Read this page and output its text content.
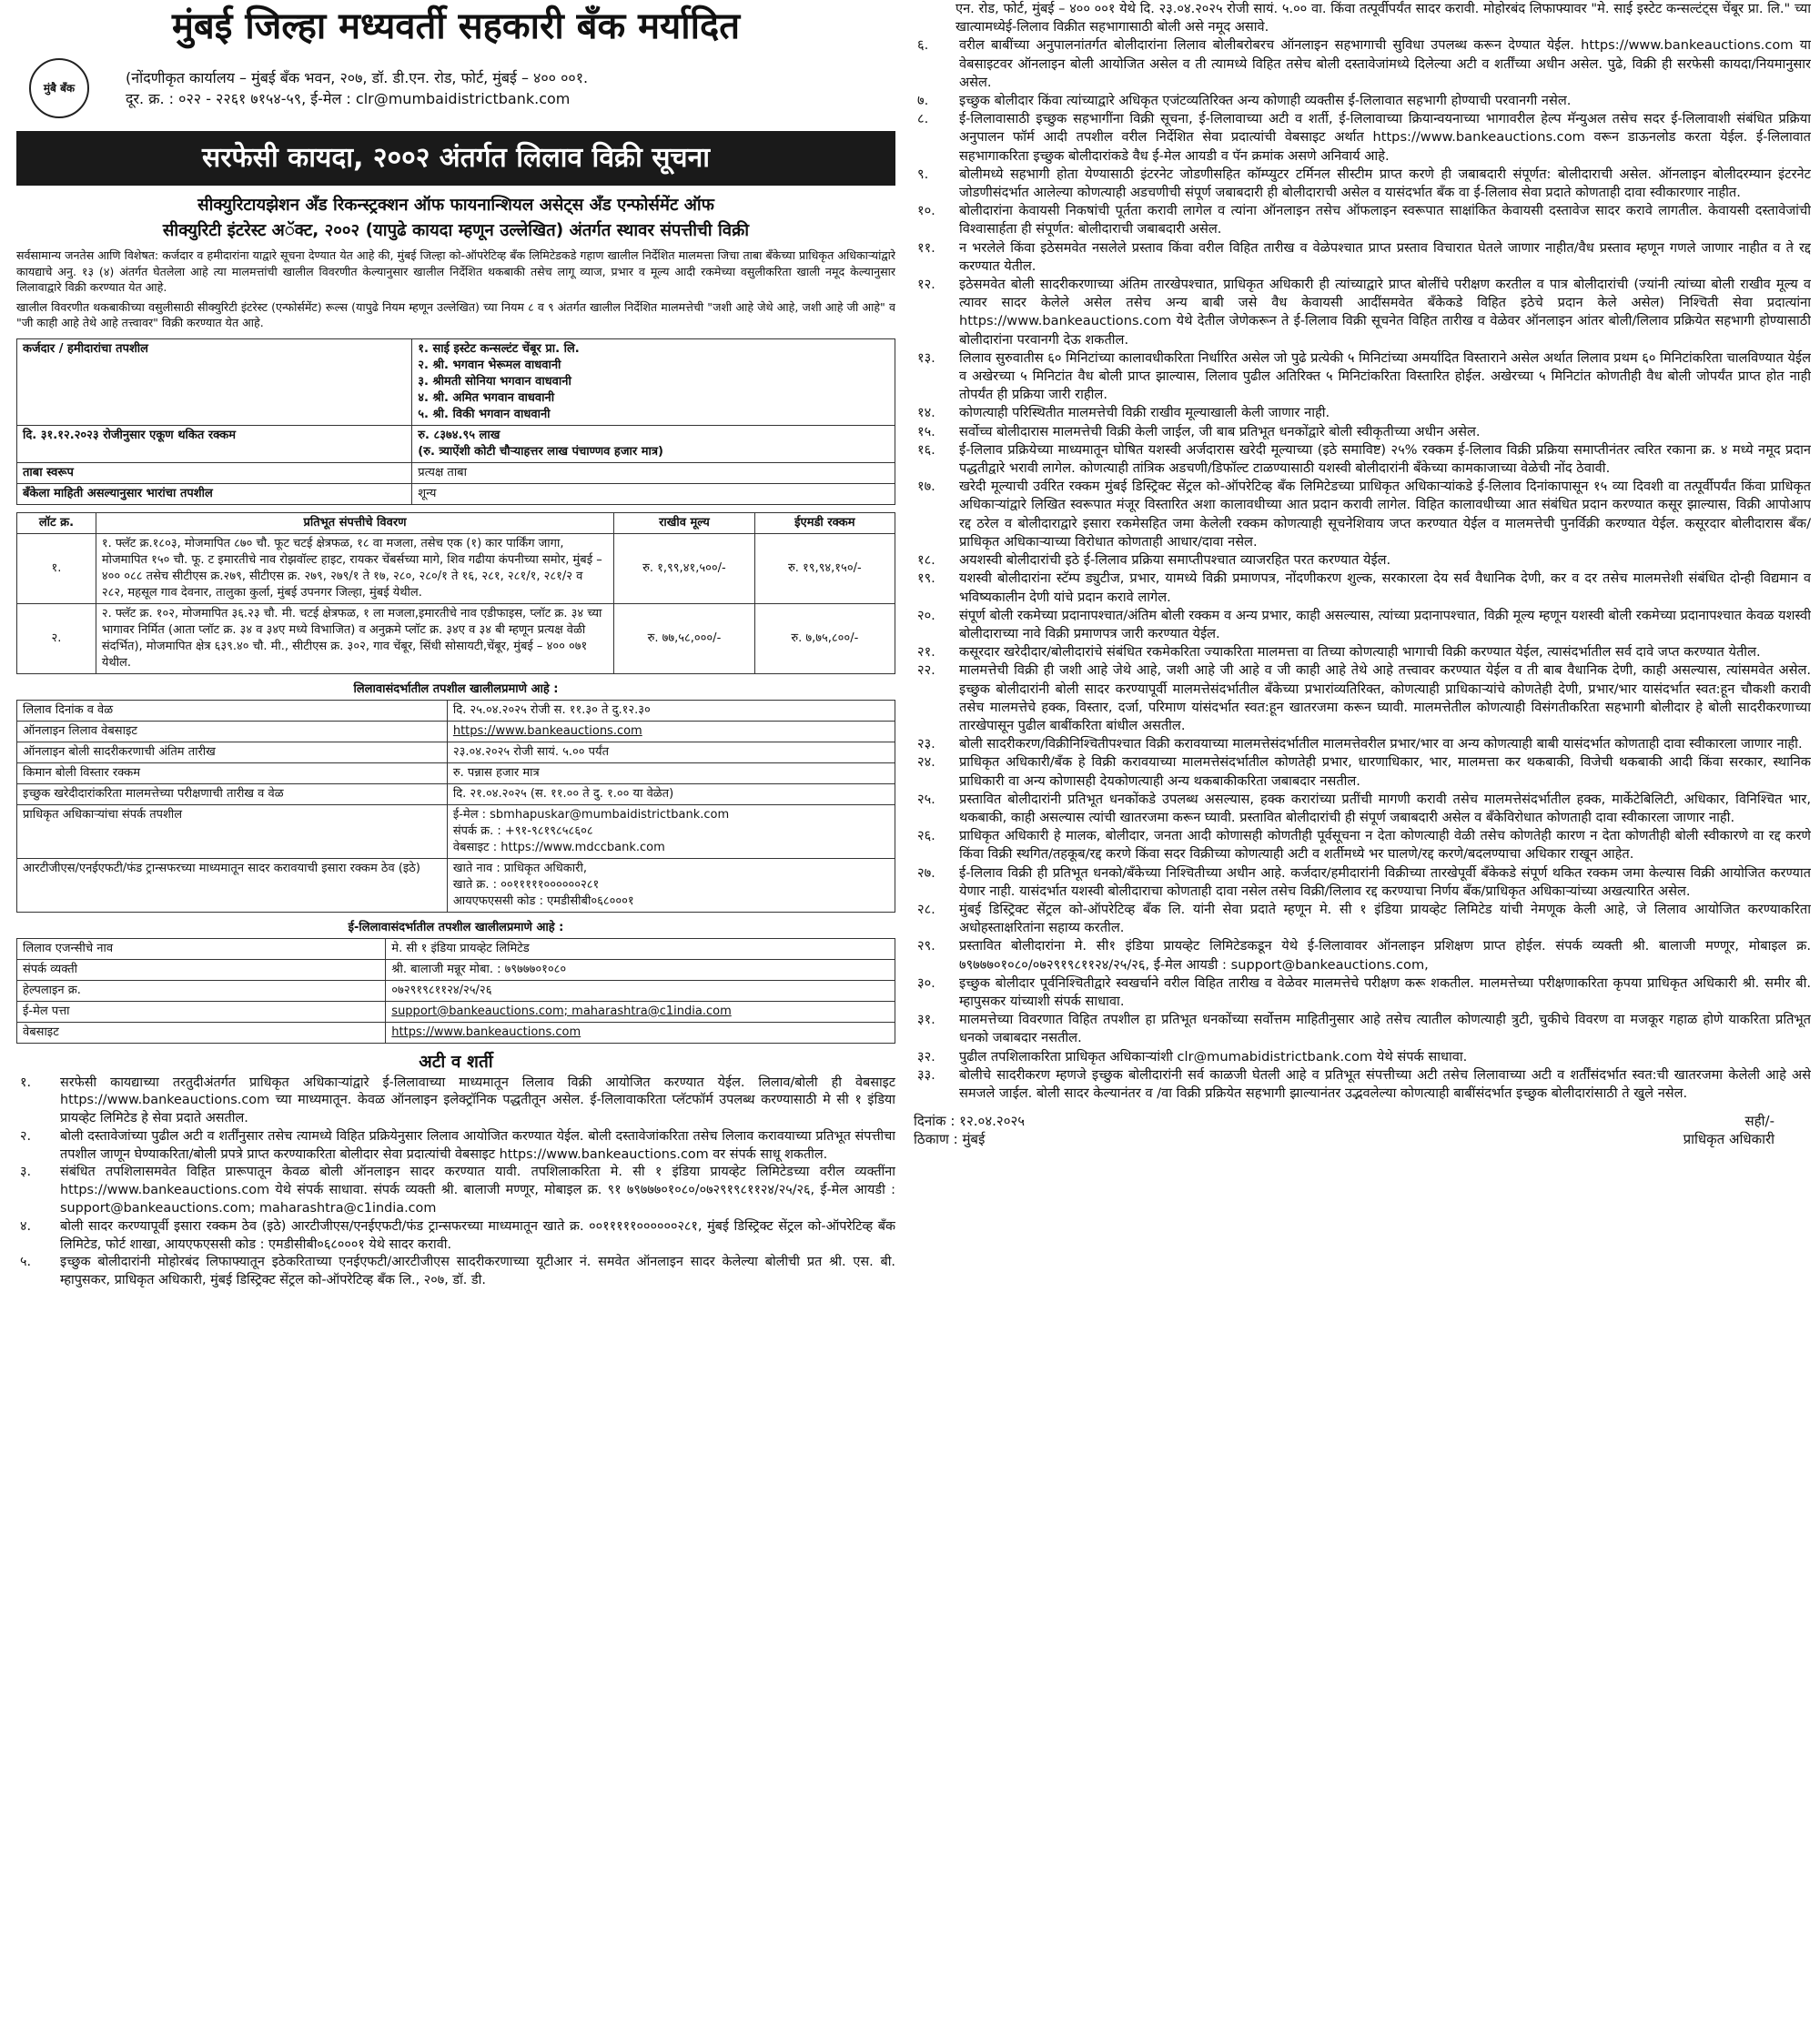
मुंबई जिल्हा मध्यवर्ती सहकारी बँक मर्यादित
मुंबै बँक
(नोंदणीकृत कार्यालय – मुंबई बँक भवन, २०७, डॉ. डी.एन. रोड, फोर्ट, मुंबई – ४०० ००१.
दूर. क्र. : ०२२ - २२६१ ७१५४-५९, ई-मेल : clr@mumbaidistrictbank.com
सरफेसी कायदा, २००२ अंतर्गत लिलाव विक्री सूचना
सीक्युरिटायझेशन अँड रिकन्स्ट्रक्शन ऑफ फायनान्शियल असेट्स अँड एन्फोर्समेंट ऑफ
सीक्युरिटी इंटरेस्ट अॅक्ट, २००२ (यापुढे कायदा म्हणून उल्लेखित) अंतर्गत स्थावर संपत्तीची विक्री
सर्वसामान्य जनतेस आणि विशेषत: कर्जदार व हमीदारांना याद्वारे सूचना देण्यात येत आहे की, मुंबई जिल्हा को-ऑपरेटिव्ह बँक लिमिटेडकडे गहाण खालील निर्देशित मालमत्ता जिचा ताबा बँकेच्या प्राधिकृत अधिकाऱ्यांद्वारे कायद्याचे अनु. १३ (४) अंतर्गत घेतलेला आहे त्या मालमत्तांची खालील विवरणीत केल्यानुसार खालील निर्देशित थकबाकी तसेच लागू व्याज, प्रभार व मूल्य आदी रकमेच्या वसुलीकरिता खाली नमूद केल्यानुसार लिलावाद्वारे विक्री करण्यात येत आहे.
खालील विवरणीत थकबाकीच्या वसुलीसाठी सीक्युरिटी इंटरेस्ट (एन्फोर्समेंट) रूल्स (यापुढे नियम म्हणून उल्लेखित) च्या नियम ८ व ९ अंतर्गत खालील निर्देशित मालमत्तेची "जशी आहे जेथे आहे, जशी आहे जी आहे" व "जी काही आहे तेथे आहे तत्त्वावर" विक्री करण्यात येत आहे.
कर्जदार / हमीदारांचा तपशील	१. साई इस्टेट कन्सल्टंट चेंबूर प्रा. लि.
२. श्री. भगवान भेरूमल वाधवानी
३. श्रीमती सोनिया भगवान वाधवानी
४. श्री. अमित भगवान वाधवानी
५. श्री. विकी भगवान वाधवानी

दि. ३१.१२.२०२३ रोजीनुसार एकूण थकित रक्कम	रु. ८३७४.९५ लाख
(रु. त्र्याऐंशी कोटी चौऱ्याहत्तर लाख पंचाण्णव हजार मात्र)

ताबा स्वरूप	प्रत्यक्ष ताबा
बँकेला माहिती असल्यानुसार भारांचा तपशील	शून्य
लॉट क्र.	प्रतिभूत संपत्तीचे विवरण	राखीव मूल्य	ईएमडी रक्कम
१.	१. फ्लॅट क्र.१८०३, मोजमापित ८७० चौ. फूट चटई क्षेत्रफळ, १८ वा मजला, तसेच एक (१) कार पार्किंग जागा, मोजमापित १५० चौ. फू. ट इमारतीचे नाव रोझवॉल्ट हाइट, रायकर चेंबर्सच्या मागे, शिव गढीया कंपनीच्या समोर, मुंबई – ४०० ०८८ तसेच सीटीएस क्र.२७९, सीटीएस क्र. २७९, २७९/१ ते १७, २८०, २८०/१ ते १६, २८१, २८१/१, २८१/२ व २८२, महसूल गाव देवनार, तालुका कुर्ला, मुंबई उपनगर जिल्हा, मुंबई येथील.	रु. १,९९,४१,५००/-	रु. १९,९४,१५०/-
२.	२. फ्लॅट क्र. १०२, मोजमापित ३६.२३ चौ. मी. चटई क्षेत्रफळ, १ ला मजला,इमारतीचे नाव एडीफाइस, प्लॉट क्र. ३४ च्या भागावर निर्मित (आता प्लॉट क्र. ३४ व ३४ए मध्ये विभाजित) व अनुक्रमे प्लॉट क्र. ३४ए व ३४ बी म्हणून प्रत्यक्ष वेळी संदर्भित), मोजमापित क्षेत्र ६३९.४० चौ. मी., सीटीएस क्र. ३०२, गाव चेंबूर, सिंधी सोसायटी,चेंबूर, मुंबई – ४०० ०७१ येथील.	रु. ७७,५८,०००/-	रु. ७,७५,८००/-
लिलावासंदर्भातील तपशील खालीलप्रमाणे आहे :
लिलाव दिनांक व वेळ	दि. २५.०४.२०२५ रोजी स. ११.३० ते दु.१२.३०
ऑनलाइन लिलाव वेबसाइट	https://www.bankeauctions.com
ऑनलाइन बोली सादरीकरणाची अंतिम तारीख	२३.०४.२०२५ रोजी सायं. ५.०० पर्यंत
किमान बोली विस्तार रक्कम	रु. पन्नास हजार मात्र
इच्छुक खरेदीदारांकरिता मालमत्तेच्या परीक्षणाची तारीख व वेळ	दि. २१.०४.२०२५ (स. ११.०० ते दु. १.०० या वेळेत)
प्राधिकृत अधिकाऱ्यांचा संपर्क तपशील	ई-मेल : sbmhapuskar@mumbaidistrictbank.com
संपर्क क्र. : +९१-९८१९८५८६०८
वेबसाइट : https://www.mdccbank.com

आरटीजीएस/एनईएफटी/फंड ट्रान्सफरच्या माध्यमातून सादर करावयाची इसारा रक्कम ठेव (इठे)	खाते नाव : प्राधिकृत अधिकारी,
खाते क्र. : ००१११११००००००२८१
आयएफएससी कोड : एमडीसीबी०६८०००१
ई-लिलावासंदर्भातील तपशील खालीलप्रमाणे आहे :
लिलाव एजन्सीचे नाव	मे. सी १ इंडिया प्रायव्हेट लिमिटेड
संपर्क व्यक्ती	श्री. बालाजी मन्नूर मोबा. : ७९७७७०१०८०
हेल्पलाइन क्र.	०७२९१९८११२४/२५/२६
ई-मेल पत्ता	support@bankeauctions.com; maharashtra@c1india.com
वेबसाइट	https://www.bankeauctions.com
अटी व शर्ती
१.	सरफेसी कायद्याच्या तरतुदीअंतर्गत प्राधिकृत अधिकाऱ्यांद्वारे ई-लिलावाच्या माध्यमातून लिलाव विक्री आयोजित करण्यात येईल. लिलाव/बोली ही वेबसाइट https://www.bankeauctions.com च्या माध्यमातून. केवळ ऑनलाइन इलेक्ट्रॉनिक पद्धतीतून असेल. ई-लिलावाकरिता प्लॅटफॉर्म उपलब्ध करण्यासाठी मे सी १ इंडिया प्रायव्हेट लिमिटेड हे सेवा प्रदाते असतील.
२.	बोली दस्तावेजांच्या पुढील अटी व शर्तींनुसार तसेच त्यामध्ये विहित प्रक्रियेनुसार लिलाव आयोजित करण्यात येईल. बोली दस्तावेजांकरिता तसेच लिलाव करावयाच्या प्रतिभूत संपत्तीचा तपशील जाणून घेण्याकरिता/बोली प्रपत्रे प्राप्त करण्याकरिता बोलीदार सेवा प्रदात्यांची वेबसाइट https://www.bankeauctions.com वर संपर्क साधू शकतील.
३.	संबंधित तपशिलासमवेत विहित प्रारूपातून केवळ बोली ऑनलाइन सादर करण्यात यावी. तपशिलाकरिता मे. सी १ इंडिया प्रायव्हेट लिमिटेडच्या वरील व्यक्तींना https://www.bankeauctions.com येथे संपर्क साधावा. संपर्क व्यक्ती श्री. बालाजी मण्णूर, मोबाइल क्र. ९१ ७९७७७०१०८०/०७२९१९८११२४/२५/२६, ई-मेल आयडी : support@bankeauctions.com; maharashtra@c1india.com
४.	बोली सादर करण्यापूर्वी इसारा रक्कम ठेव (इठे) आरटीजीएस/एनईएफटी/फंड ट्रान्सफरच्या माध्यमातून खाते क्र. ००१११११००००००२८१, मुंबई डिस्ट्रिक्ट सेंट्रल को-ऑपरेटिव्ह बँक लिमिटेड, फोर्ट शाखा, आयएफएससी कोड : एमडीसीबी०६८०००१ येथे सादर करावी.
५.	इच्छुक बोलीदारांनी मोहोरबंद लिफाफ्यातून इठेकरिताच्या एनईएफटी/आरटीजीएस सादरीकरणाच्या यूटीआर नं. समवेत ऑनलाइन सादर केलेल्या बोलीची प्रत श्री. एस. बी. म्हापुसकर, प्राधिकृत अधिकारी, मुंबई डिस्ट्रिक्ट सेंट्रल को-ऑपरेटिव्ह बँक लि., २०७, डॉ. डी.
एन. रोड, फोर्ट, मुंबई – ४०० ००१ येथे दि. २३.०४.२०२५ रोजी सायं. ५.०० वा. किंवा तत्पूर्वीपर्यंत सादर करावी. मोहोरबंद लिफाफ्यावर "मे. साई इस्टेट कन्सल्टंट्स चेंबूर प्रा. लि." च्या खात्यामध्येई-लिलाव विक्रीत सहभागासाठी बोली असे नमूद असावे.
६.	वरील बाबींच्या अनुपालनांतर्गत बोलीदारांना लिलाव बोलीबरोबरच ऑनलाइन सहभागाची सुविधा उपलब्ध करून देण्यात येईल. https://www.bankeauctions.com या वेबसाइटवर ऑनलाइन बोली आयोजित असेल व ती त्यामध्ये विहित तसेच बोली दस्तावेजांमध्ये दिलेल्या अटी व शर्तींच्या अधीन असेल. पुढे, विक्री ही सरफेसी कायदा/नियमानुसार असेल.
७.	इच्छुक बोलीदार किंवा त्यांच्याद्वारे अधिकृत एजंटव्यतिरिक्त अन्य कोणाही व्यक्तीस ई-लिलावात सहभागी होण्याची परवानगी नसेल.
८.	ई-लिलावासाठी इच्छुक सहभागींना विक्री सूचना, ई-लिलावाच्या अटी व शर्ती, ई-लिलावाच्या क्रियान्वयनाच्या भागावरील हेल्प मॅन्युअल तसेच सदर ई-लिलावाशी संबंधित प्रक्रिया अनुपालन फॉर्म आदी तपशील वरील निर्देशित सेवा प्रदात्यांची वेबसाइट अर्थात https://www.bankeauctions.com वरून डाऊनलोड करता येईल. ई-लिलावात सहभागाकरिता इच्छुक बोलीदारांकडे वैध ई-मेल आयडी व पॅन क्रमांक असणे अनिवार्य आहे.
९.	बोलीमध्ये सहभागी होता येण्यासाठी इंटरनेट जोडणीसहित कॉम्प्युटर टर्मिनल सीस्टीम प्राप्त करणे ही जबाबदारी संपूर्णत: बोलीदाराची असेल. ऑनलाइन बोलीदरम्यान इंटरनेट जोडणीसंदर्भात आलेल्या कोणत्याही अडचणीची संपूर्ण जबाबदारी ही बोलीदाराची असेल व यासंदर्भात बँक वा ई-लिलाव सेवा प्रदाते कोणताही दावा स्वीकारणार नाहीत.
१०.	बोलीदारांना केवायसी निकषांची पूर्तता करावी लागेल व त्यांना ऑनलाइन तसेच ऑफलाइन स्वरूपात साक्षांकित केवायसी दस्तावेज सादर करावे लागतील. केवायसी दस्तावेजांची विश्वासार्हता ही संपूर्णत: बोलीदाराची जबाबदारी असेल.
११.	न भरलेले किंवा इठेसमवेत नसलेले प्रस्ताव किंवा वरील विहित तारीख व वेळेपश्चात प्राप्त प्रस्ताव विचारात घेतले जाणार नाहीत/वैध प्रस्ताव म्हणून गणले जाणार नाहीत व ते रद्द करण्यात येतील.
१२.	इठेसमवेत बोली सादरीकरणाच्या अंतिम तारखेपश्चात, प्राधिकृत अधिकारी ही त्यांच्याद्वारे प्राप्त बोलींचे परीक्षण करतील व पात्र बोलीदारांची (ज्यांनी त्यांच्या बोली राखीव मूल्य व त्यावर सादर केलेले असेल तसेच अन्य बाबी जसे वैध केवायसी आदींसमवेत बँकेकडे विहित इठेचे प्रदान केले असेल) निश्चिती सेवा प्रदात्यांना https://www.bankeauctions.com येथे देतील जेणेकरून ते ई-लिलाव विक्री सूचनेत विहित तारीख व वेळेवर ऑनलाइन आंतर बोली/लिलाव प्रक्रियेत सहभागी होण्यासाठी बोलीदारांना परवानगी देऊ शकतील.
१३.	लिलाव सुरुवातीस ६० मिनिटांच्या कालावधीकरिता निर्धारित असेल जो पुढे प्रत्येकी ५ मिनिटांच्या अमर्यादित विस्ताराने असेल अर्थात लिलाव प्रथम ६० मिनिटांकरिता चालविण्यात येईल व अखेरच्या ५ मिनिटांत वैध बोली प्राप्त झाल्यास, लिलाव पुढील अतिरिक्त ५ मिनिटांकरिता विस्तारित होईल. अखेरच्या ५ मिनिटांत कोणतीही वैध बोली जोपर्यंत प्राप्त होत नाही तोपर्यंत ही प्रक्रिया जारी राहील.
१४.	कोणत्याही परिस्थितीत मालमत्तेची विक्री राखीव मूल्याखाली केली जाणार नाही.
१५.	सर्वोच्च बोलीदारास मालमत्तेची विक्री केली जाईल, जी बाब प्रतिभूत धनकोंद्वारे बोली स्वीकृतीच्या अधीन असेल.
१६.	ई-लिलाव प्रक्रियेच्या माध्यमातून घोषित यशस्वी अर्जदारास खरेदी मूल्याच्या (इठे समाविष्ट) २५% रक्कम ई-लिलाव विक्री प्रक्रिया समाप्तीनंतर त्वरित रकाना क्र. ४ मध्ये नमूद प्रदान पद्धतीद्वारे भरावी लागेल. कोणत्याही तांत्रिक अडचणी/डिफॉल्ट टाळण्यासाठी यशस्वी बोलीदारांनी बँकेच्या कामकाजाच्या वेळेची नोंद ठेवावी.
१७.	खरेदी मूल्याची उर्वरित रक्कम मुंबई डिस्ट्रिक्ट सेंट्रल को-ऑपरेटिव्ह बँक लिमिटेडच्या प्राधिकृत अधिकाऱ्यांकडे ई-लिलाव दिनांकापासून १५ व्या दिवशी वा तत्पूर्वीपर्यंत किंवा प्राधिकृत अधिकाऱ्यांद्वारे लिखित स्वरूपात मंजूर विस्तारित अशा कालावधीच्या आत प्रदान करावी लागेल. विहित कालावधीच्या आत संबंधित प्रदान करण्यात कसूर झाल्यास, विक्री आपोआप रद्द ठरेल व बोलीदाराद्वारे इसारा रकमेसहित जमा केलेली रक्कम कोणत्याही सूचनेशिवाय जप्त करण्यात येईल व मालमत्तेची पुनर्विक्री करण्यात येईल. कसूरदार बोलीदारास बँक/प्राधिकृत अधिकाऱ्याच्या विरोधात कोणताही आधार/दावा नसेल.
१८.	अयशस्वी बोलीदारांची इठे ई-लिलाव प्रक्रिया समाप्तीपश्चात व्याजरहित परत करण्यात येईल.
१९.	यशस्वी बोलीदारांना स्टॅम्प ड्युटीज, प्रभार, यामध्ये विक्री प्रमाणपत्र, नोंदणीकरण शुल्क, सरकारला देय सर्व वैधानिक देणी, कर व दर तसेच मालमत्तेशी संबंधित दोन्ही विद्यमान व भविष्यकालीन देणी यांचे प्रदान करावे लागेल.
२०.	संपूर्ण बोली रकमेच्या प्रदानापश्चात/अंतिम बोली रक्कम व अन्य प्रभार, काही असल्यास, त्यांच्या प्रदानापश्चात, विक्री मूल्य म्हणून यशस्वी बोली रकमेच्या प्रदानापश्चात केवळ यशस्वी बोलीदाराच्या नावे विक्री प्रमाणपत्र जारी करण्यात येईल.
२१.	कसूरदार खरेदीदार/बोलीदारांचे संबंधित रकमेकरिता ज्याकरिता मालमत्ता वा तिच्या कोणत्याही भागाची विक्री करण्यात येईल, त्यासंदर्भातील सर्व दावे जप्त करण्यात येतील.
२२.	मालमत्तेची विक्री ही जशी आहे जेथे आहे, जशी आहे जी आहे व जी काही आहे तेथे आहे तत्त्वावर करण्यात येईल व ती बाब वैधानिक देणी, काही असल्यास, त्यांसमवेत असेल. इच्छुक बोलीदारांनी बोली सादर करण्यापूर्वी मालमत्तेसंदर्भातील बँकेच्या प्रभारांव्यतिरिक्त, कोणत्याही प्राधिकाऱ्यांचे कोणतेही देणी, प्रभार/भार यासंदर्भात स्वत:हून चौकशी करावी तसेच मालमत्तेचे हक्क, विस्तार, दर्जा, परिमाण यांसंदर्भात स्वत:हून खातरजमा करून घ्यावी. मालमत्तेतील कोणत्याही विसंगतीकरिता सहभागी बोलीदार हे बोली सादरीकरणाच्या तारखेपासून पुढील बाबींकरिता बांधील असतील.
२३.	बोली सादरीकरण/विक्रीनिश्चितीपश्चात विक्री करावयाच्या मालमत्तेसंदर्भातील मालमत्तेवरील प्रभार/भार वा अन्य कोणत्याही बाबी यासंदर्भात कोणताही दावा स्वीकारला जाणार नाही.
२४.	प्राधिकृत अधिकारी/बँक हे विक्री करावयाच्या मालमत्तेसंदर्भातील कोणतेही प्रभार, धारणाधिकार, भार, मालमत्ता कर थकबाकी, विजेची थकबाकी आदी किंवा सरकार, स्थानिक प्राधिकारी वा अन्य कोणासही देयकोणत्याही अन्य थकबाकीकरिता जबाबदार नसतील.
२५.	प्रस्तावित बोलीदारांनी प्रतिभूत धनकोंकडे उपलब्ध असल्यास, हक्क करारांच्या प्रतींची मागणी करावी तसेच मालमत्तेसंदर्भातील हक्क, मार्केटेबिलिटी, अधिकार, विनिश्चित भार, थकबाकी, काही असल्यास त्यांची खातरजमा करून घ्यावी. प्रस्तावित बोलीदारांची ही संपूर्ण जबाबदारी असेल व बँकेविरोधात कोणताही दावा स्वीकारला जाणार नाही.
२६.	प्राधिकृत अधिकारी हे मालक, बोलीदार, जनता आदी कोणासही कोणतीही पूर्वसूचना न देता कोणत्याही वेळी तसेच कोणतेही कारण न देता कोणतीही बोली स्वीकारणे वा रद्द करणे किंवा विक्री स्थगित/तहकूब/रद्द करणे किंवा सदर विक्रीच्या कोणत्याही अटी व शर्तीमध्ये भर घालणे/रद्द करणे/बदलण्याचा अधिकार राखून आहेत.
२७.	ई-लिलाव विक्री ही प्रतिभूत धनको/बँकेच्या निश्चितीच्या अधीन आहे. कर्जदार/हमीदारांनी विक्रीच्या तारखेपूर्वी बँकेकडे संपूर्ण थकित रक्कम जमा केल्यास विक्री आयोजित करण्यात येणार नाही. यासंदर्भात यशस्वी बोलीदाराचा कोणताही दावा नसेल तसेच विक्री/लिलाव रद्द करण्याचा निर्णय बँक/प्राधिकृत अधिकाऱ्यांच्या अखत्यारित असेल.
२८.	मुंबई डिस्ट्रिक्ट सेंट्रल को-ऑपरेटिव्ह बँक लि. यांनी सेवा प्रदाते म्हणून मे. सी १ इंडिया प्रायव्हेट लिमिटेड यांची नेमणूक केली आहे, जे लिलाव आयोजित करण्याकरिता अधोहस्ताक्षरितांना सहाय्य करतील.
२९.	प्रस्तावित बोलीदारांना मे. सी१ इंडिया प्रायव्हेट लिमिटेडकडून येथे ई-लिलावावर ऑनलाइन प्रशिक्षण प्राप्त होईल. संपर्क व्यक्ती श्री. बालाजी मण्णूर, मोबाइल क्र. ७९७७७०१०८०/०७२९१९८११२४/२५/२६, ई-मेल आयडी : support@bankeauctions.com,
३०.	इच्छुक बोलीदार पूर्वनिश्चितीद्वारे स्वखर्चाने वरील विहित तारीख व वेळेवर मालमत्तेचे परीक्षण करू शकतील. मालमत्तेच्या परीक्षणाकरिता कृपया प्राधिकृत अधिकारी श्री. समीर बी. म्हापुसकर यांच्याशी संपर्क साधावा.
३१.	मालमत्तेच्या विवरणात विहित तपशील हा प्रतिभूत धनकोंच्या सर्वोत्तम माहितीनुसार आहे तसेच त्यातील कोणत्याही त्रुटी, चुकीचे विवरण वा मजकूर गहाळ होणे याकरिता प्रतिभूत धनको जबाबदार नसतील.
३२.	पुढील तपशिलाकरिता प्राधिकृत अधिकाऱ्यांशी clr@mumabidistrictbank.com येथे संपर्क साधावा.
३३.	बोलीचे सादरीकरण म्हणजे इच्छुक बोलीदारांनी सर्व काळजी घेतली आहे व प्रतिभूत संपत्तीच्या अटी तसेच लिलावाच्या अटी व शर्तींसंदर्भात स्वत:ची खातरजमा केलेली आहे असे समजले जाईल. बोली सादर केल्यानंतर व /वा विक्री प्रक्रियेत सहभागी झाल्यानंतर उद्भवलेल्या कोणत्याही बाबींसंदर्भात इच्छुक बोलीदारांसाठी ते खुले नसेल.
दिनांक : १२.०४.२०२५
ठिकाण : मुंबई
सही/-
प्राधिकृत अधिकारी
